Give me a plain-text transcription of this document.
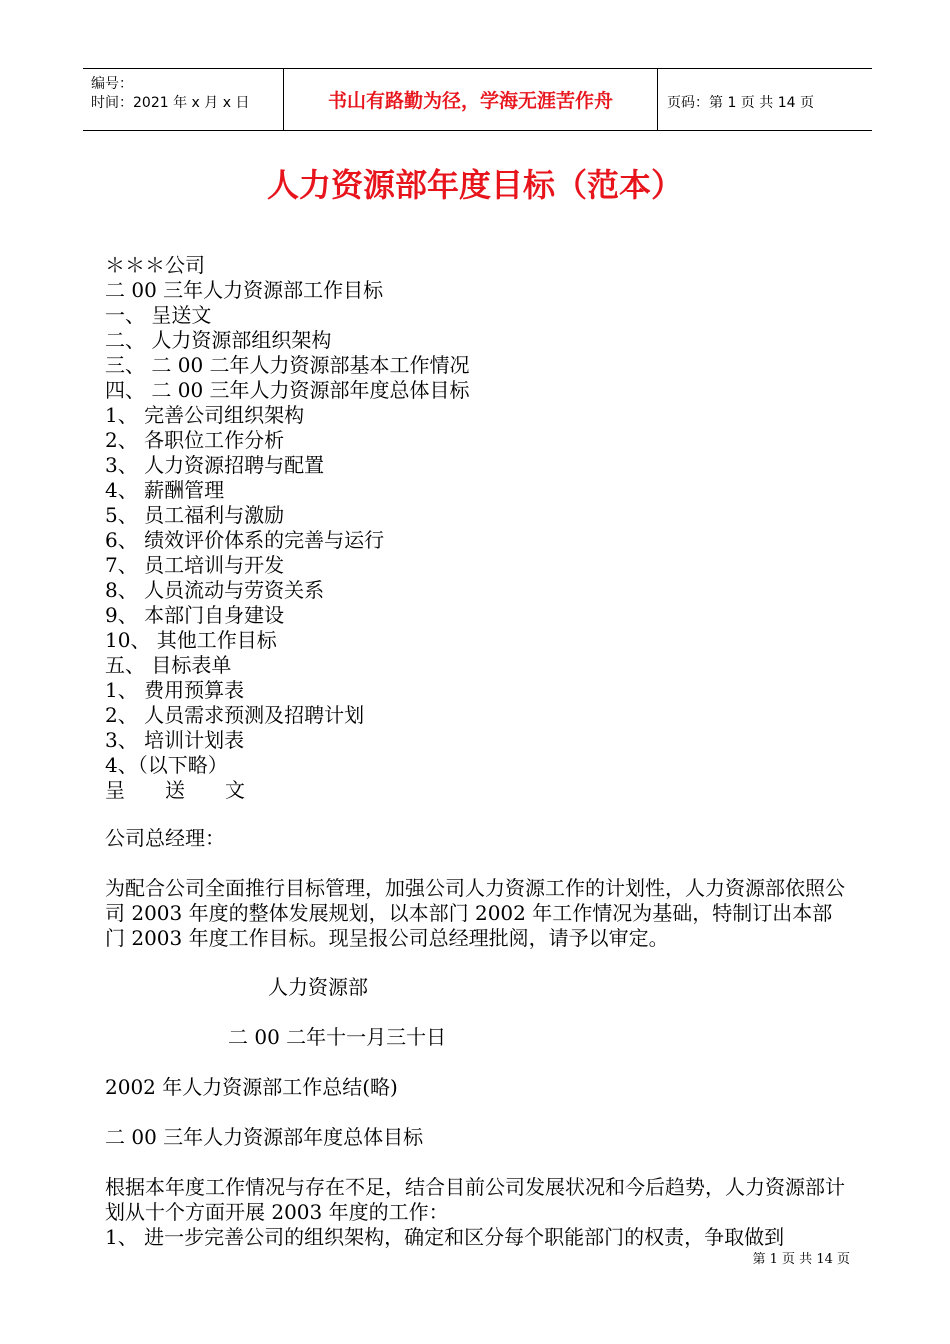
编号：
时间：2021 年 x 月 x 日	书山有路勤为径，学海无涯苦作舟	页码：第 1 页 共 14 页
人力资源部年度目标（范本）
＊＊＊公司
二 00 三年人力资源部工作目标
一、 呈送文
二、 人力资源部组织架构
三、 二 00 二年人力资源部基本工作情况
四、 二 00 三年人力资源部年度总体目标
1、 完善公司组织架构
2、 各职位工作分析
3、 人力资源招聘与配置
4、 薪酬管理
5、 员工福利与激励
6、 绩效评价体系的完善与运行
7、 员工培训与开发
8、 人员流动与劳资关系
9、 本部门自身建设
10、 其他工作目标
五、 目标表单
1、 费用预算表
2、 人员需求预测及招聘计划
3、 培训计划表
4、（以下略）
呈　　送　　文
公司总经理：
为配合公司全面推行目标管理，加强公司人力资源工作的计划性，人力资源部依照公司 2003 年度的整体发展规划，以本部门 2002 年工作情况为基础，特制订出本部门 2003 年度工作目标。现呈报公司总经理批阅，请予以审定。
人力资源部
二 00 二年十一月三十日
2002 年人力资源部工作总结(略)
二 00 三年人力资源部年度总体目标
根据本年度工作情况与存在不足，结合目前公司发展状况和今后趋势，人力资源部计划从十个方面开展 2003 年度的工作：
1、 进一步完善公司的组织架构，确定和区分每个职能部门的权责，争取做到
第 1 页 共 14 页
